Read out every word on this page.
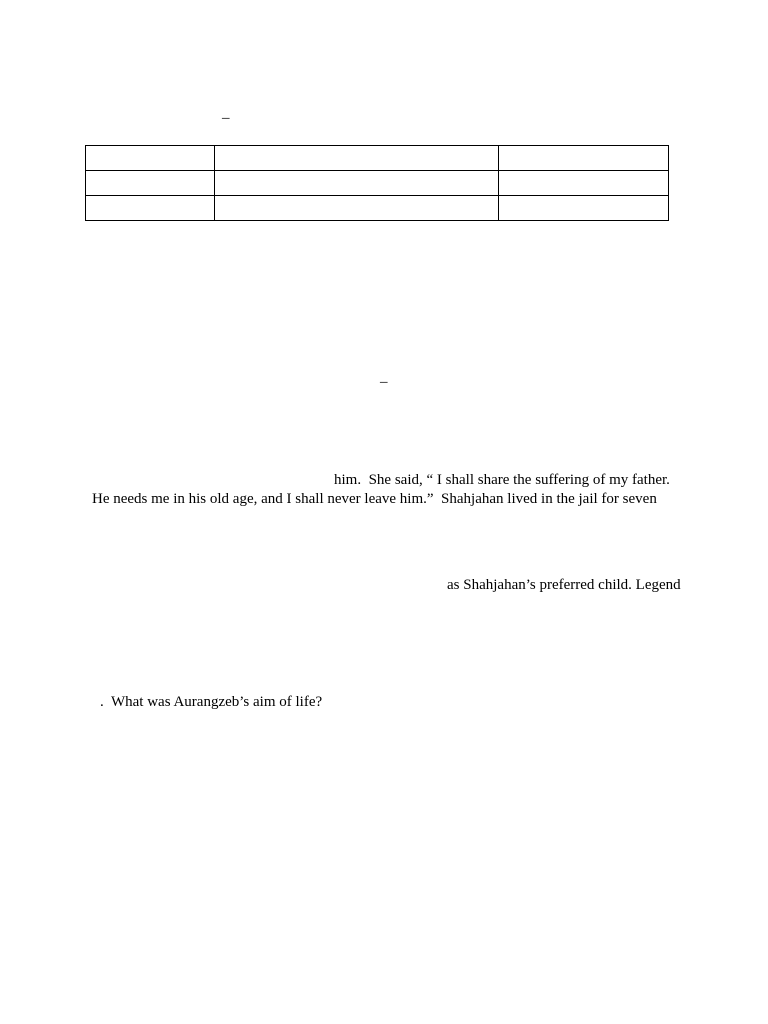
–

–
him.  She said, “ I shall share the suffering of my father.
He needs me in his old age, and I shall never leave him.”  Shahjahan lived in the jail for seven
as Shahjahan’s preferred child. Legend
.  What was Aurangzeb’s aim of life?
